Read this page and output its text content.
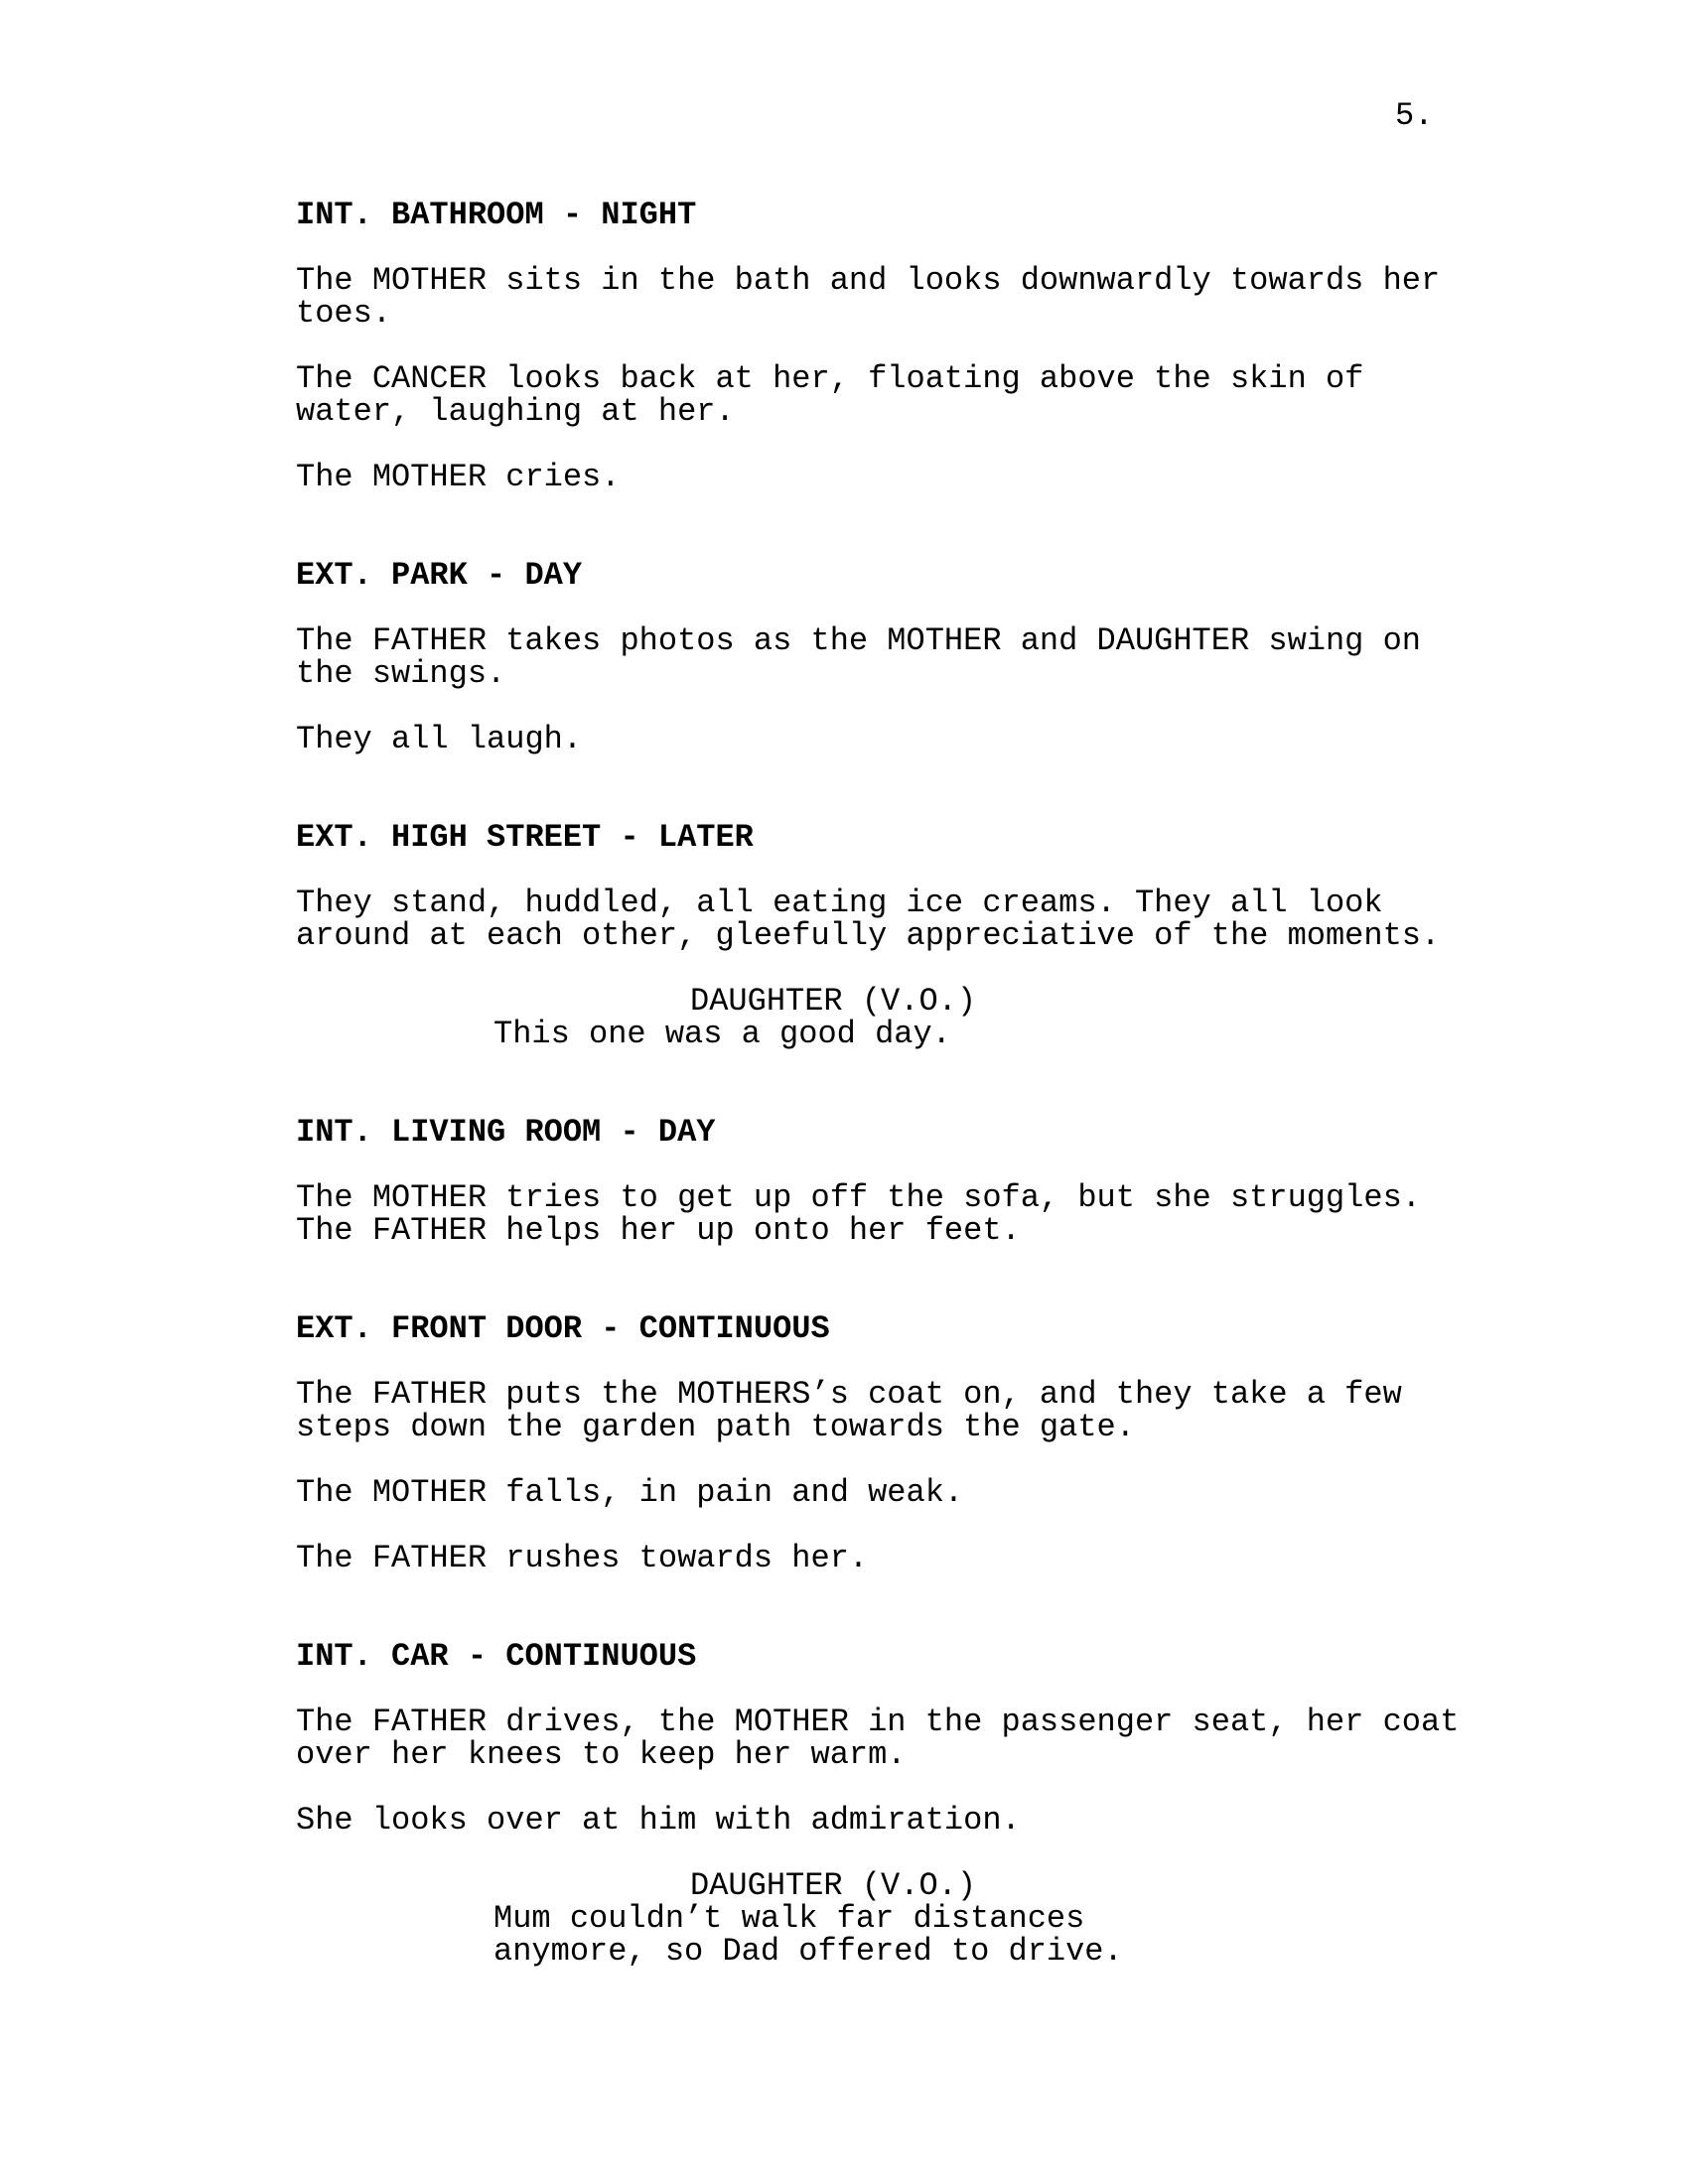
5.
INT. BATHROOM - NIGHT
The MOTHER sits in the bath and looks downwardly towards her
toes.
The CANCER looks back at her, floating above the skin of
water, laughing at her.
The MOTHER cries.
EXT. PARK - DAY
The FATHER takes photos as the MOTHER and DAUGHTER swing on
the swings.
They all laugh.
EXT. HIGH STREET - LATER
They stand, huddled, all eating ice creams. They all look
around at each other, gleefully appreciative of the moments.
DAUGHTER (V.O.)
This one was a good day.
INT. LIVING ROOM - DAY
The MOTHER tries to get up off the sofa, but she struggles.
The FATHER helps her up onto her feet.
EXT. FRONT DOOR - CONTINUOUS
The FATHER puts the MOTHERS’s coat on, and they take a few
steps down the garden path towards the gate.
The MOTHER falls, in pain and weak.
The FATHER rushes towards her.
INT. CAR - CONTINUOUS
The FATHER drives, the MOTHER in the passenger seat, her coat
over her knees to keep her warm.
She looks over at him with admiration.
DAUGHTER (V.O.)
Mum couldn’t walk far distances
anymore, so Dad offered to drive.
